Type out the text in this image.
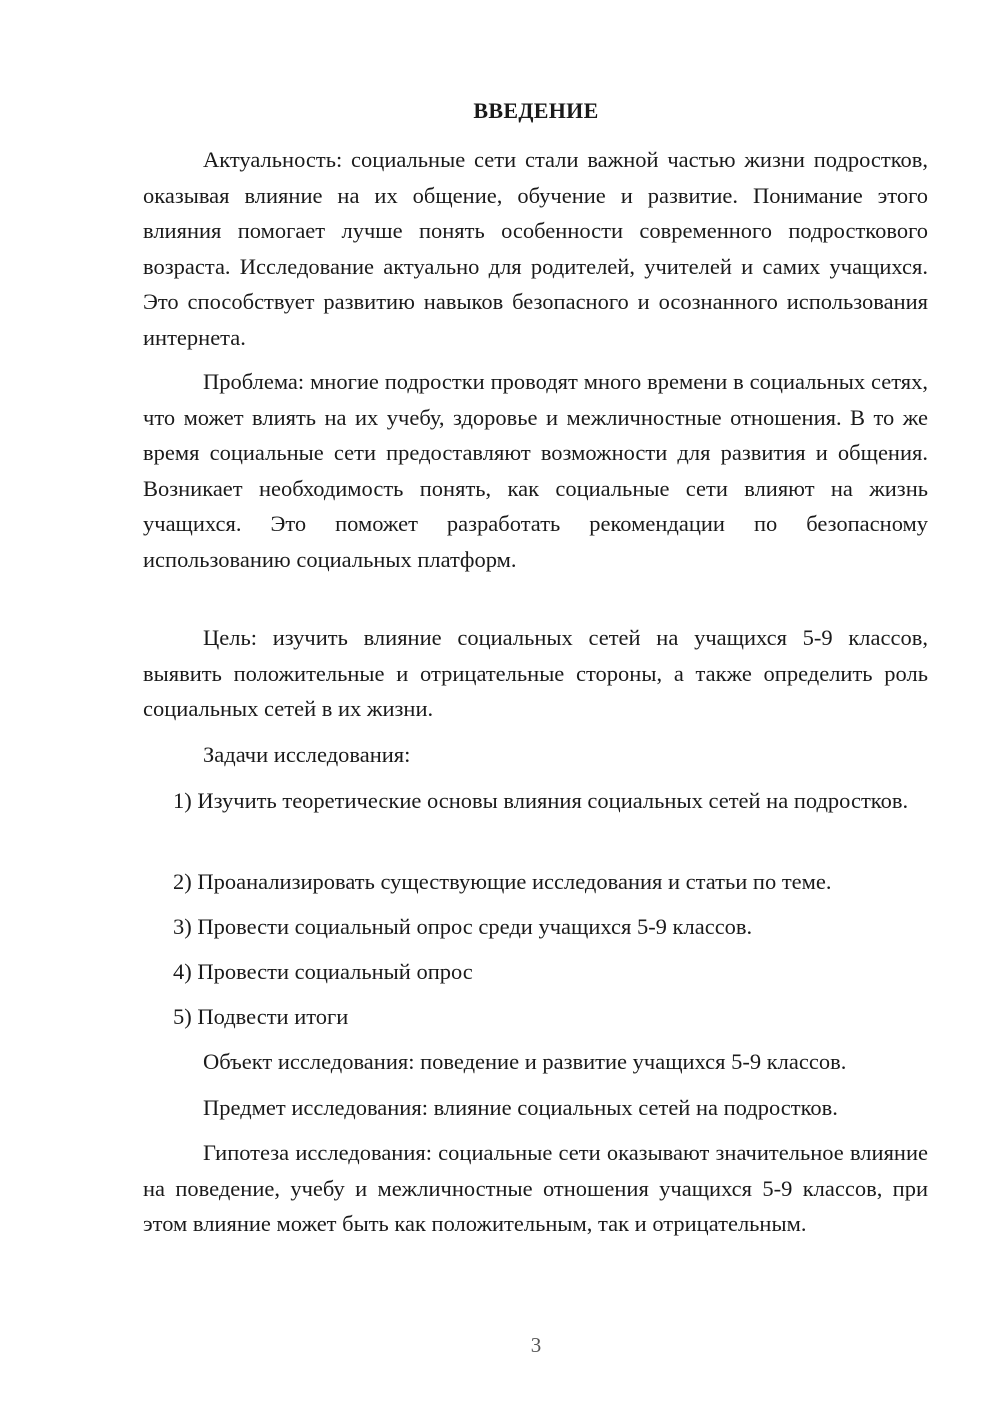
ВВЕДЕНИЕ

Актуальность: социальные сети стали важной частью жизни подростков, оказывая влияние на их общение, обучение и развитие. Понимание этого влияния помогает лучше понять особенности современного подросткового возраста. Исследование актуально для родителей, учителей и самих учащихся. Это способствует развитию навыков безопасного и осознанного использования интернета.

Проблема: многие подростки проводят много времени в социальных сетях, что может влиять на их учебу, здоровье и межличностные отношения. В то же время социальные сети предоставляют возможности для развития и общения. Возникает необходимость понять, как социальные сети влияют на жизнь учащихся. Это поможет разработать рекомендации по безопасному использованию социальных платформ.

Цель: изучить влияние социальных сетей на учащихся 5-9 классов, выявить положительные и отрицательные стороны, а также определить роль социальных сетей в их жизни.

Задачи исследования:

1) Изучить теоретические основы влияния социальных сетей на подростков.

2) Проанализировать существующие исследования и статьи по теме.

3) Провести социальный опрос среди учащихся 5-9 классов.

4) Провести социальный опрос

5) Подвести итоги

Объект исследования: поведение и развитие учащихся 5-9 классов.

Предмет исследования: влияние социальных сетей на подростков.

Гипотеза исследования: социальные сети оказывают значительное влияние на поведение, учебу и межличностные отношения учащихся 5-9 классов, при этом влияние может быть как положительным, так и отрицательным.

3
